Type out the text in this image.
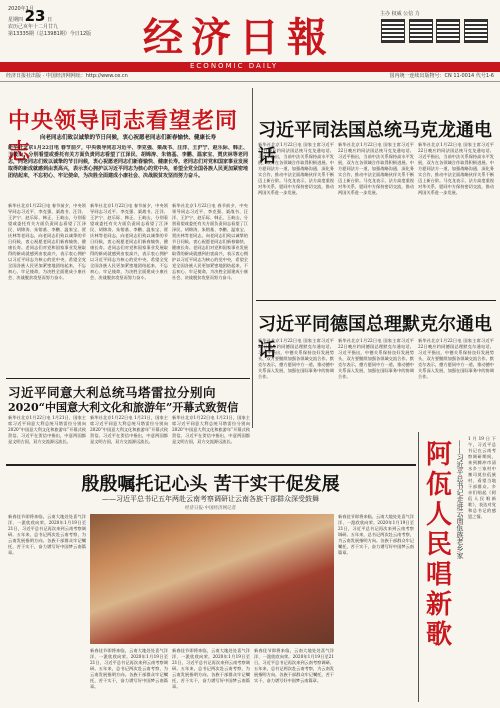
2020年1月
星期四 23 日
农历己亥年十二月廿九
第13335期（总13981期）今日12版	经济日報	主办 权威 公信 力

ECONOMIC DAILY
经济日报社出版 · 中国经济网网址：http://www.ce.cn	国内统一连续出版物号：CN 11-0014 代号1-6
中央领导同志看望老同志
向老同志们致以诚挚的节日问候，衷心祝愿老同志们新春愉快、健康长寿
新华社北京1月22日电 春节前夕，中央领导同志习近平、李克强、栗战书、汪洋、王沪宁、赵乐际、韩正、王岐山，分别看望或委托有关方面负责同志看望了江泽民、胡锦涛、朱镕基、李鹏、温家宝、贾庆林等老同志，向老同志们致以诚挚的节日问候，衷心祝愿老同志们新春愉快、健康长寿。老同志们对党和国家事业发展取得的新成就感到由衷高兴，表示衷心拥护以习近平同志为核心的党中央，希望全党全国各族人民更加紧密地团结起来，不忘初心、牢记使命，为决胜全面建成小康社会、决战脱贫攻坚而努力奋斗。
新华社北京1月22日电 春节前夕，中央领导同志习近平、李克强、栗战书、汪洋、王沪宁、赵乐际、韩正、王岐山，分别看望或委托有关方面负责同志看望了江泽民、胡锦涛、朱镕基、李鹏、温家宝、贾庆林等老同志，向老同志们致以诚挚的节日问候，衷心祝愿老同志们新春愉快、健康长寿。老同志们对党和国家事业发展取得的新成就感到由衷高兴，表示衷心拥护以习近平同志为核心的党中央，希望全党全国各族人民更加紧密地团结起来，不忘初心、牢记使命，为决胜全面建成小康社会、决战脱贫攻坚而努力奋斗。
新华社北京1月22日电 春节前夕，中央领导同志习近平、李克强、栗战书、汪洋、王沪宁、赵乐际、韩正、王岐山，分别看望或委托有关方面负责同志看望了江泽民、胡锦涛、朱镕基、李鹏、温家宝、贾庆林等老同志，向老同志们致以诚挚的节日问候，衷心祝愿老同志们新春愉快、健康长寿。老同志们对党和国家事业发展取得的新成就感到由衷高兴，表示衷心拥护以习近平同志为核心的党中央，希望全党全国各族人民更加紧密地团结起来，不忘初心、牢记使命，为决胜全面建成小康社会、决战脱贫攻坚而努力奋斗。
新华社北京1月22日电 春节前夕，中央领导同志习近平、李克强、栗战书、汪洋、王沪宁、赵乐际、韩正、王岐山，分别看望或委托有关方面负责同志看望了江泽民、胡锦涛、朱镕基、李鹏、温家宝、贾庆林等老同志，向老同志们致以诚挚的节日问候，衷心祝愿老同志们新春愉快、健康长寿。老同志们对党和国家事业发展取得的新成就感到由衷高兴，表示衷心拥护以习近平同志为核心的党中央，希望全党全国各族人民更加紧密地团结起来，不忘初心、牢记使命，为决胜全面建成小康社会、决战脱贫攻坚而努力奋斗。
习近平同法国总统马克龙通电话
新华社北京1月22日电 国家主席习近平22日晚应约同法国总统马克龙通电话。习近平指出，当前中法关系保持高水平发展，双方在各领域合作取得积极进展。中方愿同法方一道，加强战略沟通，深化务实合作，推动中法全面战略伙伴关系不断迈上新台阶。马克龙表示，法方高度重视对华关系，愿同中方保持密切交流，推动两国关系进一步发展。
新华社北京1月22日电 国家主席习近平22日晚应约同法国总统马克龙通电话。习近平指出，当前中法关系保持高水平发展，双方在各领域合作取得积极进展。中方愿同法方一道，加强战略沟通，深化务实合作，推动中法全面战略伙伴关系不断迈上新台阶。马克龙表示，法方高度重视对华关系，愿同中方保持密切交流，推动两国关系进一步发展。
新华社北京1月22日电 国家主席习近平22日晚应约同法国总统马克龙通电话。习近平指出，当前中法关系保持高水平发展，双方在各领域合作取得积极进展。中方愿同法方一道，加强战略沟通，深化务实合作，推动中法全面战略伙伴关系不断迈上新台阶。马克龙表示，法方高度重视对华关系，愿同中方保持密切交流，推动两国关系进一步发展。
习近平同德国总理默克尔通电话
新华社北京1月22日电 国家主席习近平22日晚应约同德国总理默克尔通电话。习近平指出，中德关系保持良好发展势头，双方要继续加强各领域交流合作。默克尔表示，德方愿同中方一道，推动德中关系深入发展，加强在国际事务中的协调合作。
新华社北京1月22日电 国家主席习近平22日晚应约同德国总理默克尔通电话。习近平指出，中德关系保持良好发展势头，双方要继续加强各领域交流合作。默克尔表示，德方愿同中方一道，推动德中关系深入发展，加强在国际事务中的协调合作。
新华社北京1月22日电 国家主席习近平22日晚应约同德国总理默克尔通电话。习近平指出，中德关系保持良好发展势头，双方要继续加强各领域交流合作。默克尔表示，德方愿同中方一道，推动德中关系深入发展，加强在国际事务中的协调合作。
习近平同意大利总统马塔雷拉分别向
2020“中国意大利文化和旅游年”开幕式致贺信
新华社北京1月22日电 1月21日，国家主席习近平同意大利总统马塔雷拉分别向2020“中国意大利文化和旅游年”开幕式致贺信。习近平在贺信中指出，中意两国都是文明古国，双方交流源远流长。
新华社北京1月22日电 1月21日，国家主席习近平同意大利总统马塔雷拉分别向2020“中国意大利文化和旅游年”开幕式致贺信。习近平在贺信中指出，中意两国都是文明古国，双方交流源远流长。
新华社北京1月22日电 1月21日，国家主席习近平同意大利总统马塔雷拉分别向2020“中国意大利文化和旅游年”开幕式致贺信。习近平在贺信中指出，中意两国都是文明古国，双方交流源远流长。
殷殷嘱托记心头 苦干实干促发展
——习近平总书记五年两赴云南考察调研让云南各族干部群众深受鼓舞
经济日报·中国经济网记者
新春佳节即将来临，云南大地处处喜气洋洋、一派欣欣向荣。2020年1月19日至21日，习近平总书记再次来到云南考察调研。五年来，总书记两次赴云南考察，为云南发展指明方向。各族干部群众牢记嘱托，苦干实干，奋力谱写好中国梦云南篇章。
新春佳节即将来临，云南大地处处喜气洋洋、一派欣欣向荣。2020年1月19日至21日，习近平总书记再次来到云南考察调研。五年来，总书记两次赴云南考察，为云南发展指明方向。各族干部群众牢记嘱托，苦干实干，奋力谱写好中国梦云南篇章。
新春佳节即将来临，云南大地处处喜气洋洋、一派欣欣向荣。2020年1月19日至21日，习近平总书记再次来到云南考察调研。五年来，总书记两次赴云南考察，为云南发展指明方向。各族干部群众牢记嘱托，苦干实干，奋力谱写好中国梦云南篇章。
新春佳节即将来临，云南大地处处喜气洋洋、一派欣欣向荣。2020年1月19日至21日，习近平总书记再次来到云南考察调研。五年来，总书记两次赴云南考察，为云南发展指明方向。各族干部群众牢记嘱托，苦干实干，奋力谱写好中国梦云南篇章。
新春佳节即将来临，云南大地处处喜气洋洋、一派欣欣向荣。2020年1月19日至21日，习近平总书记再次来到云南考察调研。五年来，总书记两次赴云南考察，为云南发展指明方向。各族干部群众牢记嘱托，苦干实干，奋力谱写好中国梦云南篇章。
阿佤人民唱新歌
——习近平总书记走进云南佤族老乡家
1月19日下午，习近平总书记在云南考察调研期间，来到腾冲市清水乡三家村中寨司莫拉佤族村，看望当地干部群众。乡亲们唱起《阿佤人民唱新歌》，表达对党和总书记的感恩之情。
